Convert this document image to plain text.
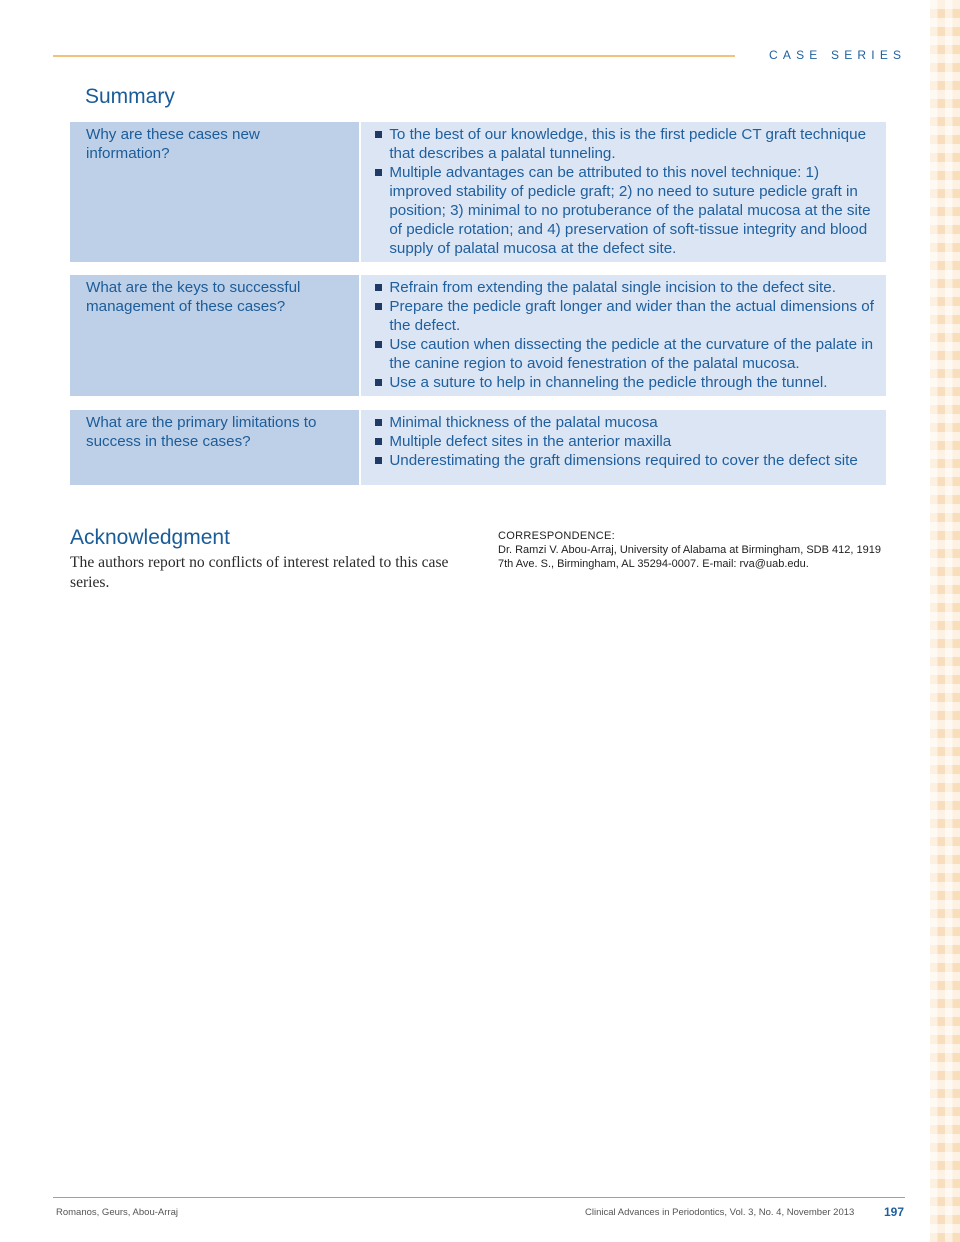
CASE SERIES
Summary
Why are these cases new information?
To the best of our knowledge, this is the first pedicle CT graft technique that describes a palatal tunneling.
Multiple advantages can be attributed to this novel technique: 1) improved stability of pedicle graft; 2) no need to suture pedicle graft in position; 3) minimal to no protuberance of the palatal mucosa at the site of pedicle rotation; and 4) preservation of soft-tissue integrity and blood supply of palatal mucosa at the defect site.
What are the keys to successful management of these cases?
Refrain from extending the palatal single incision to the defect site.
Prepare the pedicle graft longer and wider than the actual dimensions of the defect.
Use caution when dissecting the pedicle at the curvature of the palate in the canine region to avoid fenestration of the palatal mucosa.
Use a suture to help in channeling the pedicle through the tunnel.
What are the primary limitations to success in these cases?
Minimal thickness of the palatal mucosa
Multiple defect sites in the anterior maxilla
Underestimating the graft dimensions required to cover the defect site
Acknowledgment
The authors report no conflicts of interest related to this case series.
CORRESPONDENCE:
Dr. Ramzi V. Abou-Arraj, University of Alabama at Birmingham, SDB 412, 1919 7th Ave. S., Birmingham, AL 35294-0007. E-mail: rva@uab.edu.
Romanos, Geurs, Abou-Arraj	Clinical Advances in Periodontics, Vol. 3, No. 4, November 2013 197
